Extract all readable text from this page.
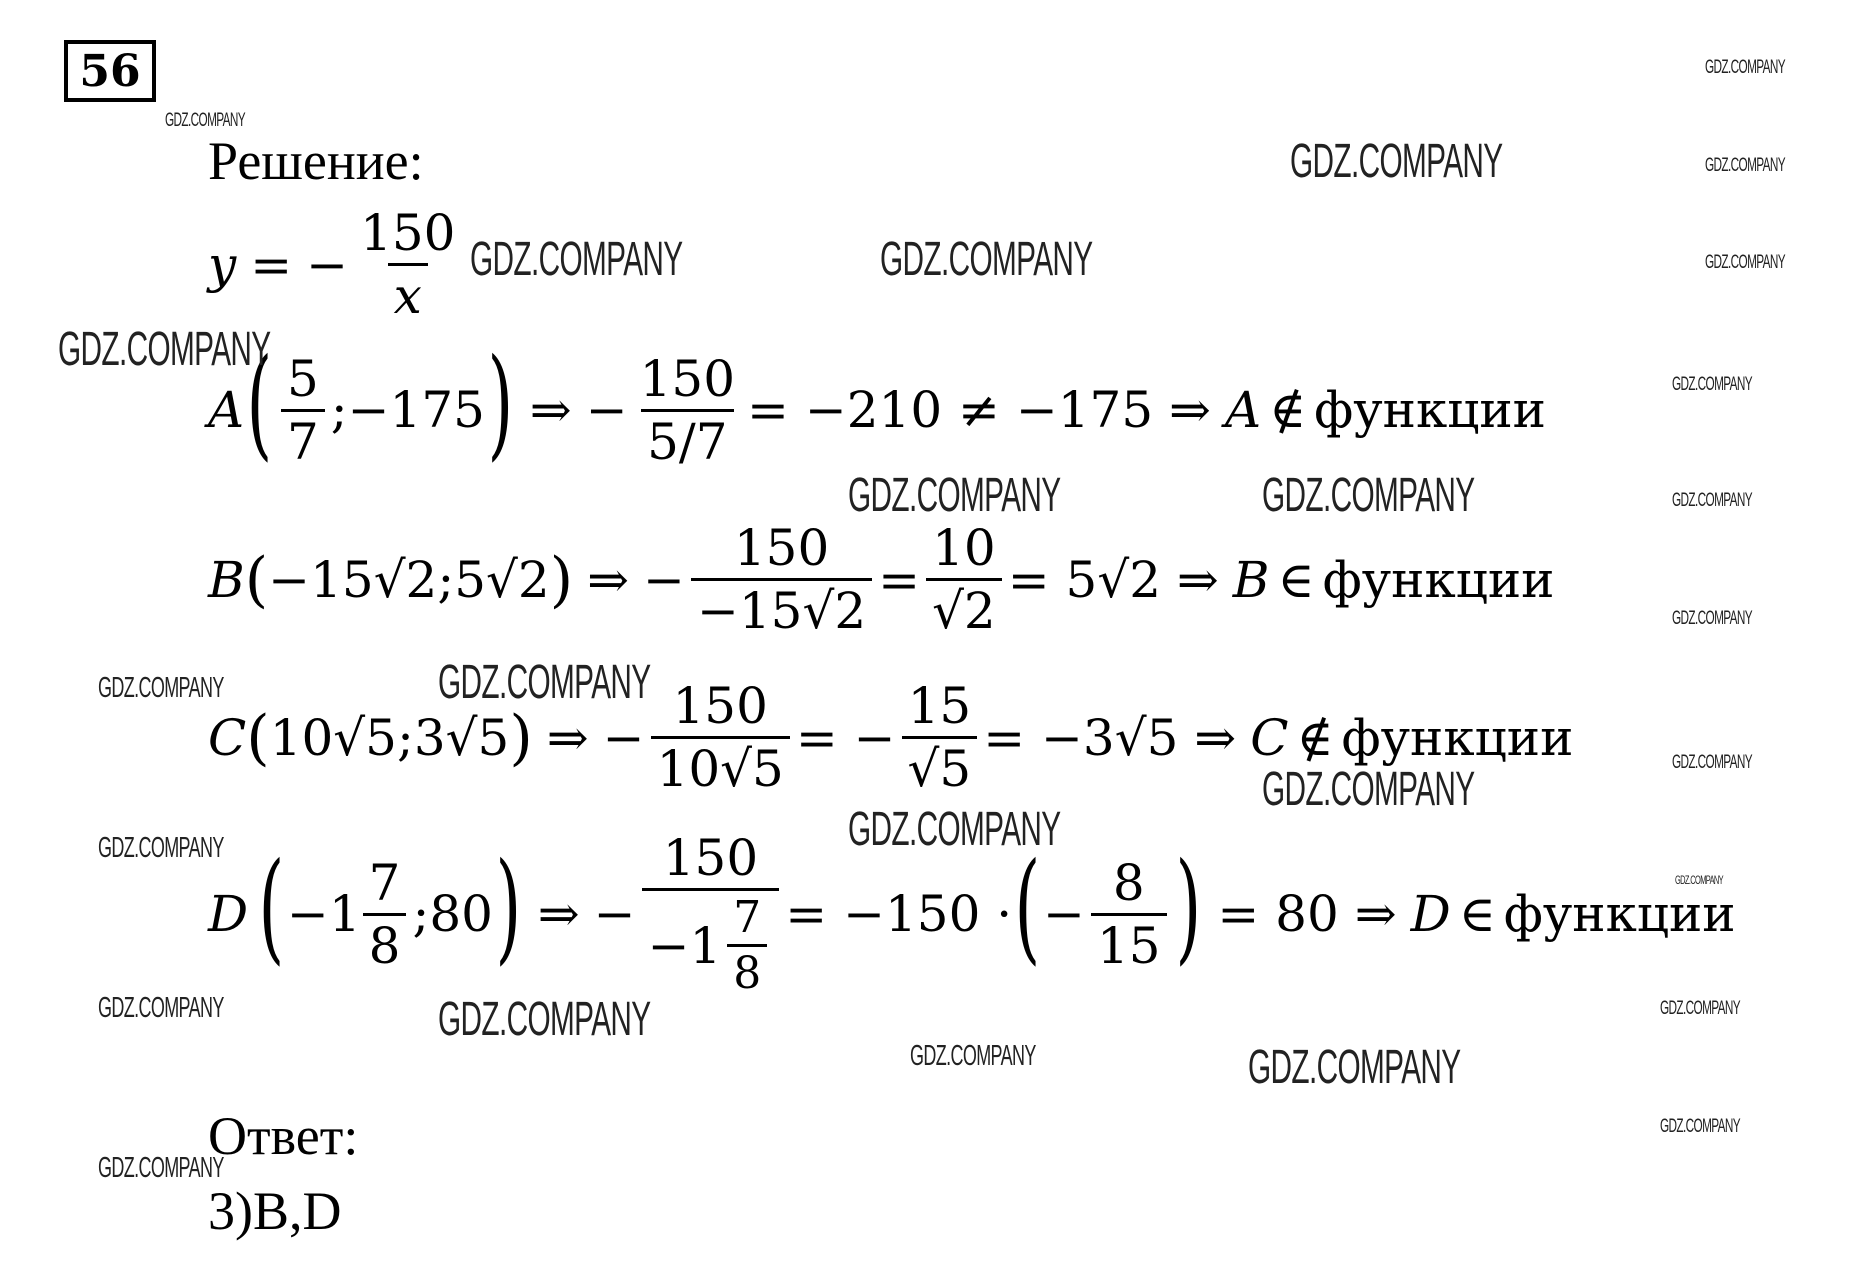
56
Решение:
y = − $\frac{150}{x}$
A ( $\frac{5}{7}$ ; −175 ) ⇒ − $\frac{150}{5/7} = -210 \ne -175$ ⇒ A ∉ функции
B ( −15√2 ; 5√2 ) ⇒ − $\frac{150}{-15√2} = \frac{10}{√2} = 5√2$ ⇒ B ∈ функции
C ( 10√5 ; 3√5 ) ⇒ − $\frac{150}{10√5}$ = − $\frac{15}{√5} = -3√5$ ⇒ C ∉ функции
D ( $-1 \frac{7}{8}$ ; 80 ) ⇒ − $\frac{150}{-1 \frac{7}{8}} = -150$ · ( − $\frac{8}{15}$ ) = 80 ⇒ D ∈ функции
Ответ:
3)B,D
GDZ.COMPANY
GDZ.COMPANY
GDZ.COMPANY	GDZ.COMPANY
GDZ.COMPANY	GDZ.COMPANY	GDZ.COMPANY
GDZ.COMPANY
GDZ.COMPANY
GDZ.COMPANY	GDZ.COMPANY	GDZ.COMPANY
GDZ.COMPANY
GDZ.COMPANY	GDZ.COMPANY
GDZ.COMPANY
GDZ.COMPANY
GDZ.COMPANY
GDZ.COMPANY
GDZ.COMPANY
GDZ.COMPANY	GDZ.COMPANY	GDZ.COMPANY
GDZ.COMPANY	GDZ.COMPANY
GDZ.COMPANY
GDZ.COMPANY
